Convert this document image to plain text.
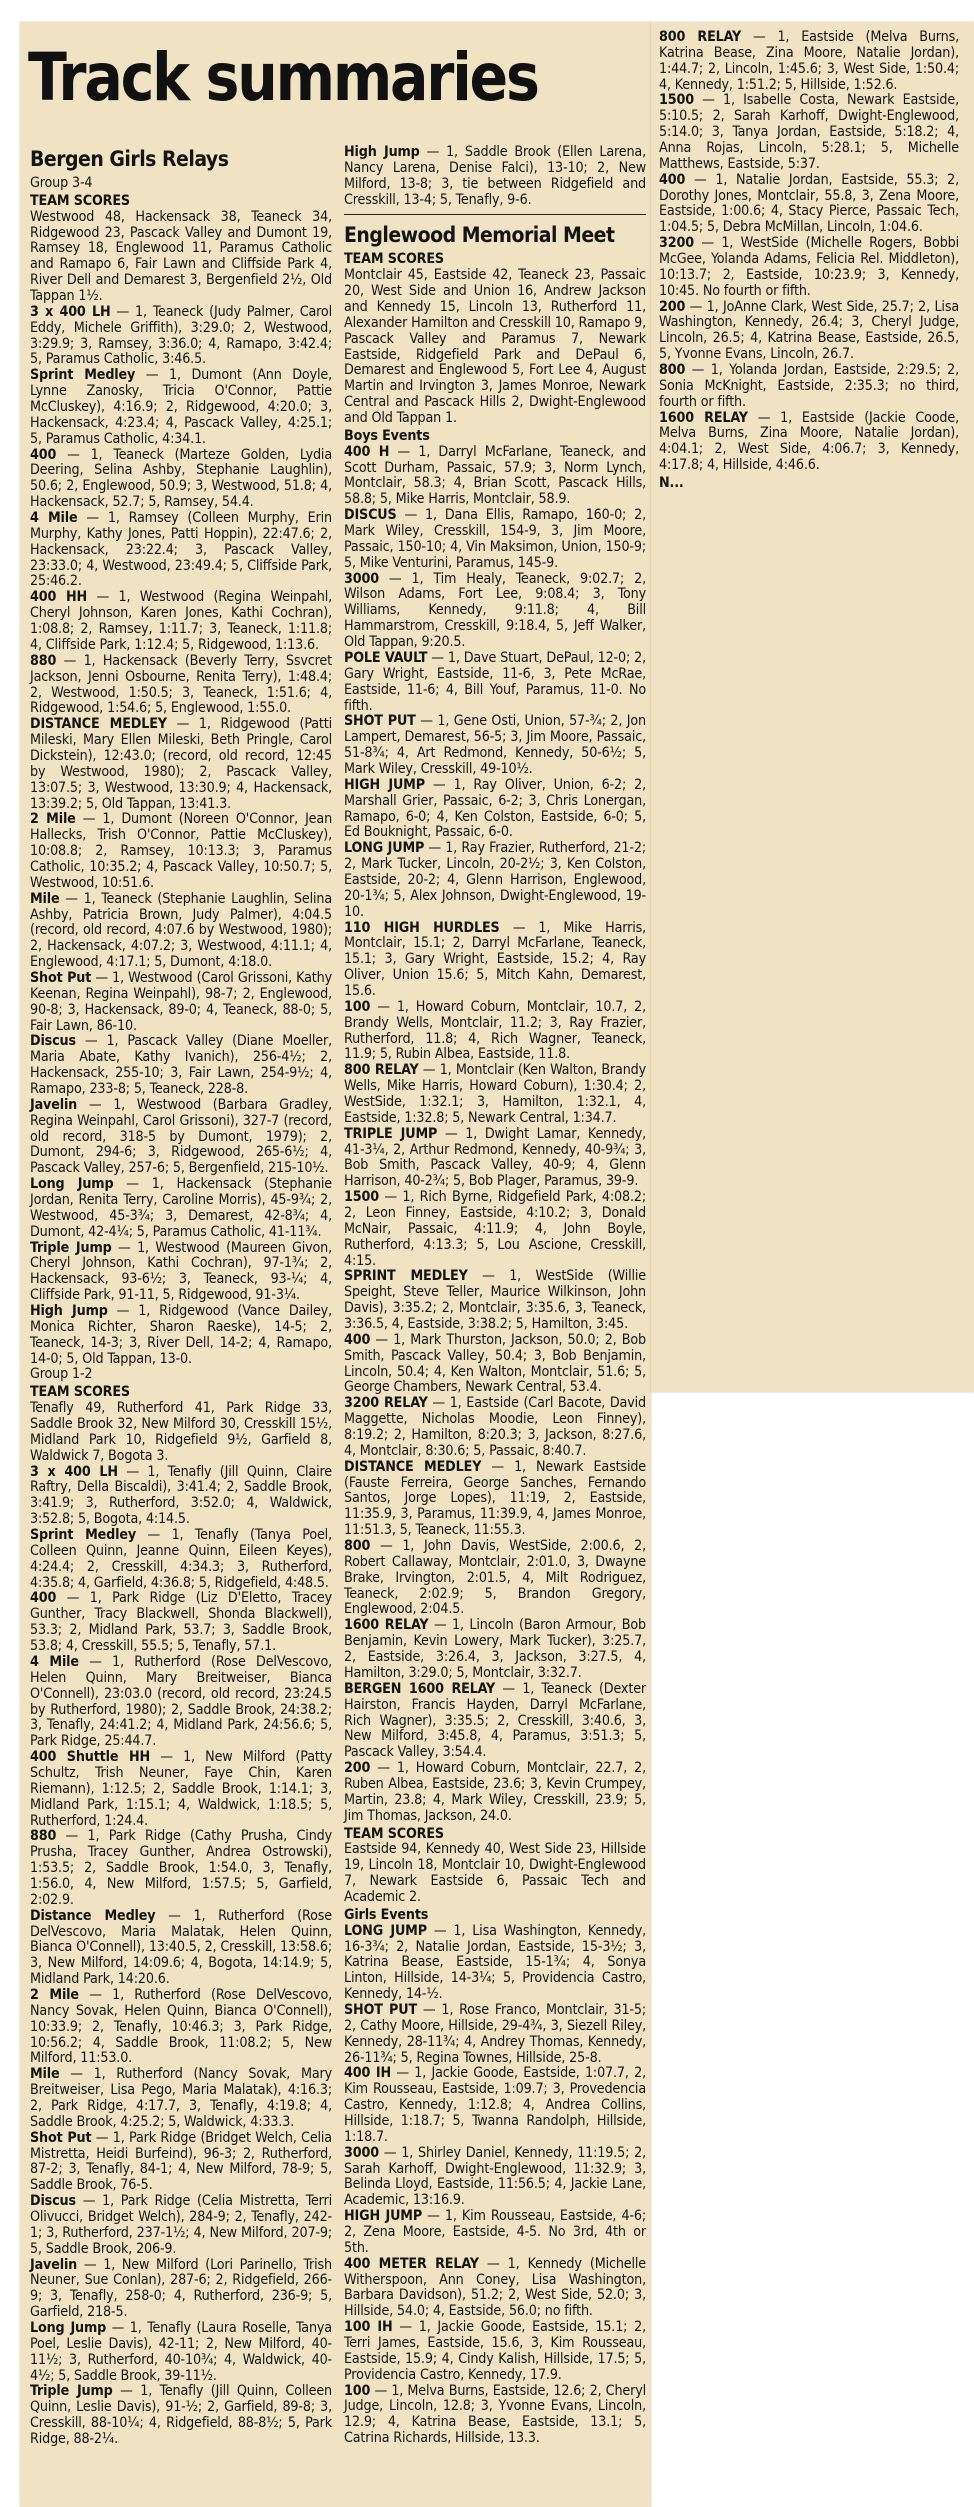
Track summaries
Bergen Girls Relays

Group 3-4

TEAM SCORES

Westwood 48, Hackensack 38, Teaneck 34, Ridgewood 23, Pascack Valley and Dumont 19, Ramsey 18, Englewood 11, Paramus Catholic and Ramapo 6, Fair Lawn and Cliffside Park 4, River Dell and Demarest 3, Bergenfield 2½, Old Tappan 1½.

3 x 400 LH — 1, Teaneck (Judy Palmer, Carol Eddy, Michele Griffith), 3:29.0; 2, Westwood, 3:29.9; 3, Ramsey, 3:36.0; 4, Ramapo, 3:42.4; 5, Paramus Catholic, 3:46.5.

Sprint Medley — 1, Dumont (Ann Doyle, Lynne Zanosky, Tricia O'Connor, Pattie McCluskey), 4:16.9; 2, Ridgewood, 4:20.0; 3, Hackensack, 4:23.4; 4, Pascack Valley, 4:25.1; 5, Paramus Catholic, 4:34.1.

400 — 1, Teaneck (Marteze Golden, Lydia Deering, Selina Ashby, Stephanie Laughlin), 50.6; 2, Englewood, 50.9; 3, Westwood, 51.8; 4, Hackensack, 52.7; 5, Ramsey, 54.4.

4 Mile — 1, Ramsey (Colleen Murphy, Erin Murphy, Kathy Jones, Patti Hoppin), 22:47.6; 2, Hackensack, 23:22.4; 3, Pascack Valley, 23:33.0; 4, Westwood, 23:49.4; 5, Cliffside Park, 25:46.2.

400 HH — 1, Westwood (Regina Weinpahl, Cheryl Johnson, Karen Jones, Kathi Cochran), 1:08.8; 2, Ramsey, 1:11.7; 3, Teaneck, 1:11.8; 4, Cliffside Park, 1:12.4; 5, Ridgewood, 1:13.6.

880 — 1, Hackensack (Beverly Terry, Ssvcret Jackson, Jenni Osbourne, Renita Terry), 1:48.4; 2, Westwood, 1:50.5; 3, Teaneck, 1:51.6; 4, Ridgewood, 1:54.6; 5, Englewood, 1:55.0.

DISTANCE MEDLEY — 1, Ridgewood (Patti Mileski, Mary Ellen Mileski, Beth Pringle, Carol Dickstein), 12:43.0; (record, old record, 12:45 by Westwood, 1980); 2, Pascack Valley, 13:07.5; 3, Westwood, 13:30.9; 4, Hackensack, 13:39.2; 5, Old Tappan, 13:41.3.

2 Mile — 1, Dumont (Noreen O'Connor, Jean Hallecks, Trish O'Connor, Pattie McCluskey), 10:08.8; 2, Ramsey, 10:13.3; 3, Paramus Catholic, 10:35.2; 4, Pascack Valley, 10:50.7; 5, Westwood, 10:51.6.

Mile — 1, Teaneck (Stephanie Laughlin, Selina Ashby, Patricia Brown, Judy Palmer), 4:04.5 (record, old record, 4:07.6 by Westwood, 1980); 2, Hackensack, 4:07.2; 3, Westwood, 4:11.1; 4, Englewood, 4:17.1; 5, Dumont, 4:18.0.

Shot Put — 1, Westwood (Carol Grissoni, Kathy Keenan, Regina Weinpahl), 98-7; 2, Englewood, 90-8; 3, Hackensack, 89-0; 4, Teaneck, 88-0; 5, Fair Lawn, 86-10.

Discus — 1, Pascack Valley (Diane Moeller, Maria Abate, Kathy Ivanich), 256-4½; 2, Hackensack, 255-10; 3, Fair Lawn, 254-9½; 4, Ramapo, 233-8; 5, Teaneck, 228-8.

Javelin — 1, Westwood (Barbara Gradley, Regina Weinpahl, Carol Grissoni), 327-7 (record, old record, 318-5 by Dumont, 1979); 2, Dumont, 294-6; 3, Ridgewood, 265-6½; 4, Pascack Valley, 257-6; 5, Bergenfield, 215-10½.

Long Jump — 1, Hackensack (Stephanie Jordan, Renita Terry, Caroline Morris), 45-9¾; 2, Westwood, 45-3¾; 3, Demarest, 42-8¾; 4, Dumont, 42-4¼; 5, Paramus Catholic, 41-11¾.

Triple Jump — 1, Westwood (Maureen Givon, Cheryl Johnson, Kathi Cochran), 97-1¾; 2, Hackensack, 93-6½; 3, Teaneck, 93-¼; 4, Cliffside Park, 91-11, 5, Ridgewood, 91-3¼.

High Jump — 1, Ridgewood (Vance Dailey, Monica Richter, Sharon Raeske), 14-5; 2, Teaneck, 14-3; 3, River Dell, 14-2; 4, Ramapo, 14-0; 5, Old Tappan, 13-0.

Group 1-2

TEAM SCORES

Tenafly 49, Rutherford 41, Park Ridge 33, Saddle Brook 32, New Milford 30, Cresskill 15½, Midland Park 10, Ridgefield 9½, Garfield 8, Waldwick 7, Bogota 3.

3 x 400 LH — 1, Tenafly (Jill Quinn, Claire Raftry, Della Biscaldi), 3:41.4; 2, Saddle Brook, 3:41.9; 3, Rutherford, 3:52.0; 4, Waldwick, 3:52.8; 5, Bogota, 4:14.5.

Sprint Medley — 1, Tenafly (Tanya Poel, Colleen Quinn, Jeanne Quinn, Eileen Keyes), 4:24.4; 2, Cresskill, 4:34.3; 3, Rutherford, 4:35.8; 4, Garfield, 4:36.8; 5, Ridgefield, 4:48.5.

400 — 1, Park Ridge (Liz D'Eletto, Tracey Gunther, Tracy Blackwell, Shonda Blackwell), 53.3; 2, Midland Park, 53.7; 3, Saddle Brook, 53.8; 4, Cresskill, 55.5; 5, Tenafly, 57.1.

4 Mile — 1, Rutherford (Rose DelVescovo, Helen Quinn, Mary Breitweiser, Bianca O'Connell), 23:03.0 (record, old record, 23:24.5 by Rutherford, 1980); 2, Saddle Brook, 24:38.2; 3, Tenafly, 24:41.2; 4, Midland Park, 24:56.6; 5, Park Ridge, 25:44.7.

400 Shuttle HH — 1, New Milford (Patty Schultz, Trish Neuner, Faye Chin, Karen Riemann), 1:12.5; 2, Saddle Brook, 1:14.1; 3, Midland Park, 1:15.1; 4, Waldwick, 1:18.5; 5, Rutherford, 1:24.4.

880 — 1, Park Ridge (Cathy Prusha, Cindy Prusha, Tracey Gunther, Andrea Ostrowski), 1:53.5; 2, Saddle Brook, 1:54.0, 3, Tenafly, 1:56.0, 4, New Milford, 1:57.5; 5, Garfield, 2:02.9.

Distance Medley — 1, Rutherford (Rose DelVescovo, Maria Malatak, Helen Quinn, Bianca O'Connell), 13:40.5, 2, Cresskill, 13:58.6; 3, New Milford, 14:09.6; 4, Bogota, 14:14.9; 5, Midland Park, 14:20.6.

2 Mile — 1, Rutherford (Rose DelVescovo, Nancy Sovak, Helen Quinn, Bianca O'Connell), 10:33.9; 2, Tenafly, 10:46.3; 3, Park Ridge, 10:56.2; 4, Saddle Brook, 11:08.2; 5, New Milford, 11:53.0.

Mile — 1, Rutherford (Nancy Sovak, Mary Breitweiser, Lisa Pego, Maria Malatak), 4:16.3; 2, Park Ridge, 4:17.7, 3, Tenafly, 4:19.8; 4, Saddle Brook, 4:25.2; 5, Waldwick, 4:33.3.

Shot Put — 1, Park Ridge (Bridget Welch, Celia Mistretta, Heidi Burfeind), 96-3; 2, Rutherford, 87-2; 3, Tenafly, 84-1; 4, New Milford, 78-9; 5, Saddle Brook, 76-5.

Discus — 1, Park Ridge (Celia Mistretta, Terri Olivucci, Bridget Welch), 284-9; 2, Tenafly, 242-1; 3, Rutherford, 237-1½; 4, New Milford, 207-9; 5, Saddle Brook, 206-9.

Javelin — 1, New Milford (Lori Parinello, Trish Neuner, Sue Conlan), 287-6; 2, Ridgefield, 266-9; 3, Tenafly, 258-0; 4, Rutherford, 236-9; 5, Garfield, 218-5.

Long Jump — 1, Tenafly (Laura Roselle, Tanya Poel, Leslie Davis), 42-11; 2, New Milford, 40-11½; 3, Rutherford, 40-10¾; 4, Waldwick, 40-4½; 5, Saddle Brook, 39-11½.

Triple Jump — 1, Tenafly (Jill Quinn, Colleen Quinn, Leslie Davis), 91-½; 2, Garfield, 89-8; 3, Cresskill, 88-10¼; 4, Ridgefield, 88-8½; 5, Park Ridge, 88-2¼.

High Jump — 1, Saddle Brook (Ellen Larena, Nancy Larena, Denise Falci), 13-10; 2, New Milford, 13-8; 3, tie between Ridgefield and Cresskill, 13-4; 5, Tenafly, 9-6.

Englewood Memorial Meet

TEAM SCORES

Montclair 45, Eastside 42, Teaneck 23, Passaic 20, West Side and Union 16, Andrew Jackson and Kennedy 15, Lincoln 13, Rutherford 11, Alexander Hamilton and Cresskill 10, Ramapo 9, Pascack Valley and Paramus 7, Newark Eastside, Ridgefield Park and DePaul 6, Demarest and Englewood 5, Fort Lee 4, August Martin and Irvington 3, James Monroe, Newark Central and Pascack Hills 2, Dwight-Englewood and Old Tappan 1.

Boys Events

400 H — 1, Darryl McFarlane, Teaneck, and Scott Durham, Passaic, 57.9; 3, Norm Lynch, Montclair, 58.3; 4, Brian Scott, Pascack Hills, 58.8; 5, Mike Harris, Montclair, 58.9.

DISCUS — 1, Dana Ellis, Ramapo, 160-0; 2, Mark Wiley, Cresskill, 154-9, 3, Jim Moore, Passaic, 150-10; 4, Vin Maksimon, Union, 150-9; 5, Mike Venturini, Paramus, 145-9.

3000 — 1, Tim Healy, Teaneck, 9:02.7; 2, Wilson Adams, Fort Lee, 9:08.4; 3, Tony Williams, Kennedy, 9:11.8; 4, Bill Hammarstrom, Cresskill, 9:18.4, 5, Jeff Walker, Old Tappan, 9:20.5.

POLE VAULT — 1, Dave Stuart, DePaul, 12-0; 2, Gary Wright, Eastside, 11-6, 3, Pete McRae, Eastside, 11-6; 4, Bill Youf, Paramus, 11-0. No fifth.

SHOT PUT — 1, Gene Osti, Union, 57-¾; 2, Jon Lampert, Demarest, 56-5; 3, Jim Moore, Passaic, 51-8¾; 4, Art Redmond, Kennedy, 50-6½; 5, Mark Wiley, Cresskill, 49-10½.

HIGH JUMP — 1, Ray Oliver, Union, 6-2; 2, Marshall Grier, Passaic, 6-2; 3, Chris Lonergan, Ramapo, 6-0; 4, Ken Colston, Eastside, 6-0; 5, Ed Bouknight, Passaic, 6-0.

LONG JUMP — 1, Ray Frazier, Rutherford, 21-2; 2, Mark Tucker, Lincoln, 20-2½; 3, Ken Colston, Eastside, 20-2; 4, Glenn Harrison, Englewood, 20-1¾; 5, Alex Johnson, Dwight-Englewood, 19-10.

110 HIGH HURDLES — 1, Mike Harris, Montclair, 15.1; 2, Darryl McFarlane, Teaneck, 15.1; 3, Gary Wright, Eastside, 15.2; 4, Ray Oliver, Union 15.6; 5, Mitch Kahn, Demarest, 15.6.

100 — 1, Howard Coburn, Montclair, 10.7, 2, Brandy Wells, Montclair, 11.2; 3, Ray Frazier, Rutherford, 11.8; 4, Rich Wagner, Teaneck, 11.9; 5, Rubin Albea, Eastside, 11.8.

800 RELAY — 1, Montclair (Ken Walton, Brandy Wells, Mike Harris, Howard Coburn), 1:30.4; 2, WestSide, 1:32.1; 3, Hamilton, 1:32.1, 4, Eastside, 1:32.8; 5, Newark Central, 1:34.7.

TRIPLE JUMP — 1, Dwight Lamar, Kennedy, 41-3¼, 2, Arthur Redmond, Kennedy, 40-9¾; 3, Bob Smith, Pascack Valley, 40-9; 4, Glenn Harrison, 40-2¾; 5, Bob Plager, Paramus, 39-9.

1500 — 1, Rich Byrne, Ridgefield Park, 4:08.2; 2, Leon Finney, Eastside, 4:10.2; 3, Donald McNair, Passaic, 4:11.9; 4, John Boyle, Rutherford, 4:13.3; 5, Lou Ascione, Cresskill, 4:15.

SPRINT MEDLEY — 1, WestSide (Willie Speight, Steve Teller, Maurice Wilkinson, John Davis), 3:35.2; 2, Montclair, 3:35.6, 3, Teaneck, 3:36.5, 4, Eastside, 3:38.2; 5, Hamilton, 3:45.

400 — 1, Mark Thurston, Jackson, 50.0; 2, Bob Smith, Pascack Valley, 50.4; 3, Bob Benjamin, Lincoln, 50.4; 4, Ken Walton, Montclair, 51.6; 5, George Chambers, Newark Central, 53.4.

3200 RELAY — 1, Eastside (Carl Bacote, David Maggette, Nicholas Moodie, Leon Finney), 8:19.2; 2, Hamilton, 8:20.3; 3, Jackson, 8:27.6, 4, Montclair, 8:30.6; 5, Passaic, 8:40.7.

DISTANCE MEDLEY — 1, Newark Eastside (Fauste Ferreira, George Sanches, Fernando Santos, Jorge Lopes), 11:19, 2, Eastside, 11:35.9, 3, Paramus, 11:39.9, 4, James Monroe, 11:51.3, 5, Teaneck, 11:55.3.

800 — 1, John Davis, WestSide, 2:00.6, 2, Robert Callaway, Montclair, 2:01.0, 3, Dwayne Brake, Irvington, 2:01.5, 4, Milt Rodriguez, Teaneck, 2:02.9; 5, Brandon Gregory, Englewood, 2:04.5.

1600 RELAY — 1, Lincoln (Baron Armour, Bob Benjamin, Kevin Lowery, Mark Tucker), 3:25.7, 2, Eastside, 3:26.4, 3, Jackson, 3:27.5, 4, Hamilton, 3:29.0; 5, Montclair, 3:32.7.

BERGEN 1600 RELAY — 1, Teaneck (Dexter Hairston, Francis Hayden, Darryl McFarlane, Rich Wagner), 3:35.5; 2, Cresskill, 3:40.6, 3, New Milford, 3:45.8, 4, Paramus, 3:51.3; 5, Pascack Valley, 3:54.4.

200 — 1, Howard Coburn, Montclair, 22.7, 2, Ruben Albea, Eastside, 23.6; 3, Kevin Crumpey, Martin, 23.8; 4, Mark Wiley, Cresskill, 23.9; 5, Jim Thomas, Jackson, 24.0.

TEAM SCORES

Eastside 94, Kennedy 40, West Side 23, Hillside 19, Lincoln 18, Montclair 10, Dwight-Englewood 7, Newark Eastside 6, Passaic Tech and Academic 2.

Girls Events

LONG JUMP — 1, Lisa Washington, Kennedy, 16-3¾; 2, Natalie Jordan, Eastside, 15-3½; 3, Katrina Bease, Eastside, 15-1¾; 4, Sonya Linton, Hillside, 14-3¼; 5, Providencia Castro, Kennedy, 14-½.

SHOT PUT — 1, Rose Franco, Montclair, 31-5; 2, Cathy Moore, Hillside, 29-4¾, 3, Siezell Riley, Kennedy, 28-11¾; 4, Andrey Thomas, Kennedy, 26-11¾; 5, Regina Townes, Hillside, 25-8.

400 IH — 1, Jackie Goode, Eastside, 1:07.7, 2, Kim Rousseau, Eastside, 1:09.7; 3, Provedencia Castro, Kennedy, 1:12.8; 4, Andrea Collins, Hillside, 1:18.7; 5, Twanna Randolph, Hillside, 1:18.7.

3000 — 1, Shirley Daniel, Kennedy, 11:19.5; 2, Sarah Karhoff, Dwight-Englewood, 11:32.9; 3, Belinda Lloyd, Eastside, 11:56.5; 4, Jackie Lane, Academic, 13:16.9.

HIGH JUMP — 1, Kim Rousseau, Eastside, 4-6; 2, Zena Moore, Eastside, 4-5. No 3rd, 4th or 5th.

400 METER RELAY — 1, Kennedy (Michelle Witherspoon, Ann Coney, Lisa Washington, Barbara Davidson), 51.2; 2, West Side, 52.0; 3, Hillside, 54.0; 4, Eastside, 56.0; no fifth.

100 IH — 1, Jackie Goode, Eastside, 15.1; 2, Terri James, Eastside, 15.6, 3, Kim Rousseau, Eastside, 15.9; 4, Cindy Kalish, Hillside, 17.5; 5, Providencia Castro, Kennedy, 17.9.

100 — 1, Melva Burns, Eastside, 12.6; 2, Cheryl Judge, Lincoln, 12.8; 3, Yvonne Evans, Lincoln, 12.9; 4, Katrina Bease, Eastside, 13.1; 5, Catrina Richards, Hillside, 13.3.

800 RELAY — 1, Eastside (Melva Burns, Katrina Bease, Zina Moore, Natalie Jordan), 1:44.7; 2, Lincoln, 1:45.6; 3, West Side, 1:50.4; 4, Kennedy, 1:51.2; 5, Hillside, 1:52.6.

1500 — 1, Isabelle Costa, Newark Eastside, 5:10.5; 2, Sarah Karhoff, Dwight-Englewood, 5:14.0; 3, Tanya Jordan, Eastside, 5:18.2; 4, Anna Rojas, Lincoln, 5:28.1; 5, Michelle Matthews, Eastside, 5:37.

400 — 1, Natalie Jordan, Eastside, 55.3; 2, Dorothy Jones, Montclair, 55.8, 3, Zena Moore, Eastside, 1:00.6; 4, Stacy Pierce, Passaic Tech, 1:04.5; 5, Debra McMillan, Lincoln, 1:04.6.

3200 — 1, WestSide (Michelle Rogers, Bobbi McGee, Yolanda Adams, Felicia Rel. Middleton), 10:13.7; 2, Eastside, 10:23.9; 3, Kennedy, 10:45. No fourth or fifth.

200 — 1, JoAnne Clark, West Side, 25.7; 2, Lisa Washington, Kennedy, 26.4; 3, Cheryl Judge, Lincoln, 26.5; 4, Katrina Bease, Eastside, 26.5, 5, Yvonne Evans, Lincoln, 26.7.

800 — 1, Yolanda Jordan, Eastside, 2:29.5; 2, Sonia McKnight, Eastside, 2:35.3; no third, fourth or fifth.

1600 RELAY — 1, Eastside (Jackie Coode, Melva Burns, Zina Moore, Natalie Jordan), 4:04.1; 2, West Side, 4:06.7; 3, Kennedy, 4:17.8; 4, Hillside, 4:46.6.

N...
